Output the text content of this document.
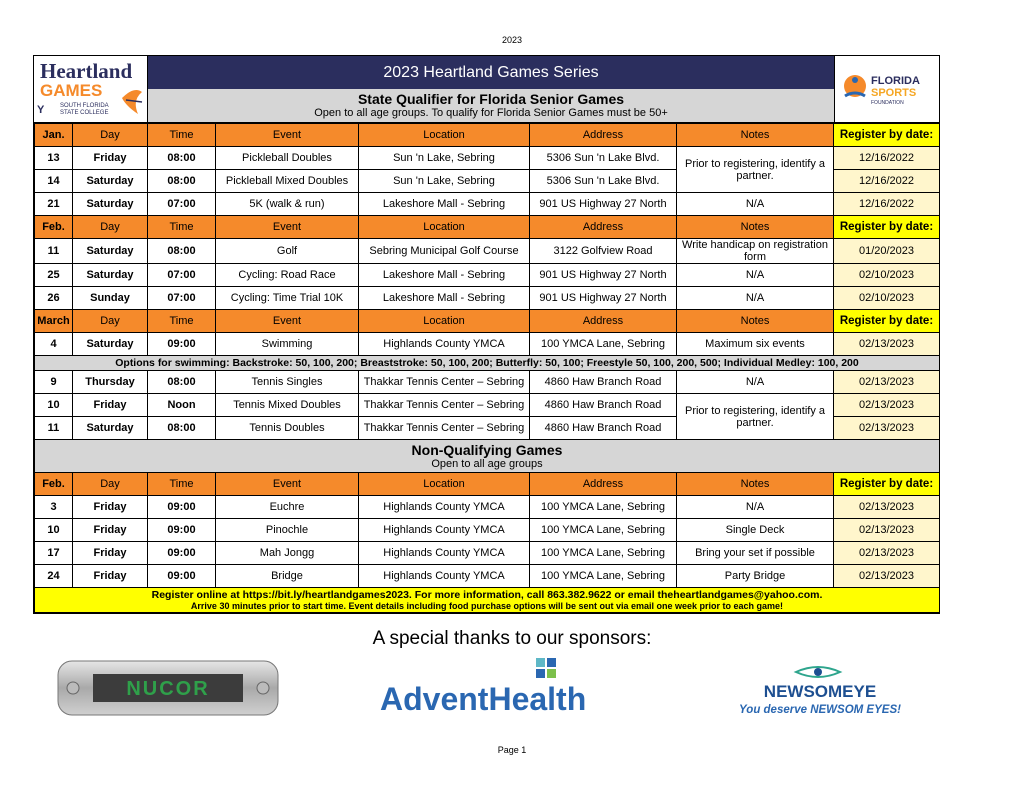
2023
Heartland
GAMES
Y	SOUTH FLORIDA
STATE COLLEGE
2023 Heartland Games Series
State Qualifier for Florida Senior Games
Open to all age groups. To qualify for Florida Senior Games must be 50+
FLORIDA
SPORTS
FOUNDATION
Jan.	Day	Time	Event	Location	Address	Notes	Register by date:
13	Friday	08:00	Pickleball Doubles	Sun 'n Lake, Sebring	5306 Sun 'n Lake Blvd.	Prior to registering, identify a partner.	12/16/2022
14	Saturday	08:00	Pickleball Mixed Doubles	Sun 'n Lake, Sebring	5306 Sun 'n Lake Blvd.		12/16/2022
21	Saturday	07:00	5K (walk & run)	Lakeshore Mall - Sebring	901 US Highway 27 North	N/A	12/16/2022
Feb.	Day	Time	Event	Location	Address	Notes	Register by date:
11	Saturday	08:00	Golf	Sebring Municipal Golf Course	3122 Golfview Road	Write handicap on registration form	01/20/2023
25	Saturday	07:00	Cycling: Road Race	Lakeshore Mall - Sebring	901 US Highway 27 North	N/A	02/10/2023
26	Sunday	07:00	Cycling: Time Trial 10K	Lakeshore Mall - Sebring	901 US Highway 27 North	N/A	02/10/2023
March	Day	Time	Event	Location	Address	Notes	Register by date:
4	Saturday	09:00	Swimming	Highlands County YMCA	100 YMCA Lane, Sebring	Maximum six events	02/13/2023
Options for swimming: Backstroke: 50, 100, 200; Breaststroke: 50, 100, 200; Butterfly: 50, 100; Freestyle 50, 100, 200, 500; Individual Medley: 100, 200							
9	Thursday	08:00	Tennis Singles	Thakkar Tennis Center – Sebring	4860 Haw Branch Road	N/A	02/13/2023
10	Friday	Noon	Tennis Mixed Doubles	Thakkar Tennis Center – Sebring	4860 Haw Branch Road	Prior to registering, identify a partner.	02/13/2023
11	Saturday	08:00	Tennis Doubles	Thakkar Tennis Center – Sebring	4860 Haw Branch Road		02/13/2023

Non-Qualifying Games
Open to all age groups							

Feb.	Day	Time	Event	Location	Address	Notes	Register by date:
3	Friday	09:00	Euchre	Highlands County YMCA	100 YMCA Lane, Sebring	N/A	02/13/2023
10	Friday	09:00	Pinochle	Highlands County YMCA	100 YMCA Lane, Sebring	Single Deck	02/13/2023
17	Friday	09:00	Mah Jongg	Highlands County YMCA	100 YMCA Lane, Sebring	Bring your set if possible	02/13/2023
24	Friday	09:00	Bridge	Highlands County YMCA	100 YMCA Lane, Sebring	Party Bridge	02/13/2023

Register online at https://bit.ly/heartlandgames2023. For more information, call 863.382.9622 or email theheartlandgames@yahoo.com.
Arrive 30 minutes prior to start time. Event details including food purchase options will be sent out via email one week prior to each game!							
A special thanks to our sponsors:
NUCOR	AdventHealth	NEWSOMEYE
You deserve NEWSOM EYES!
Page 1
